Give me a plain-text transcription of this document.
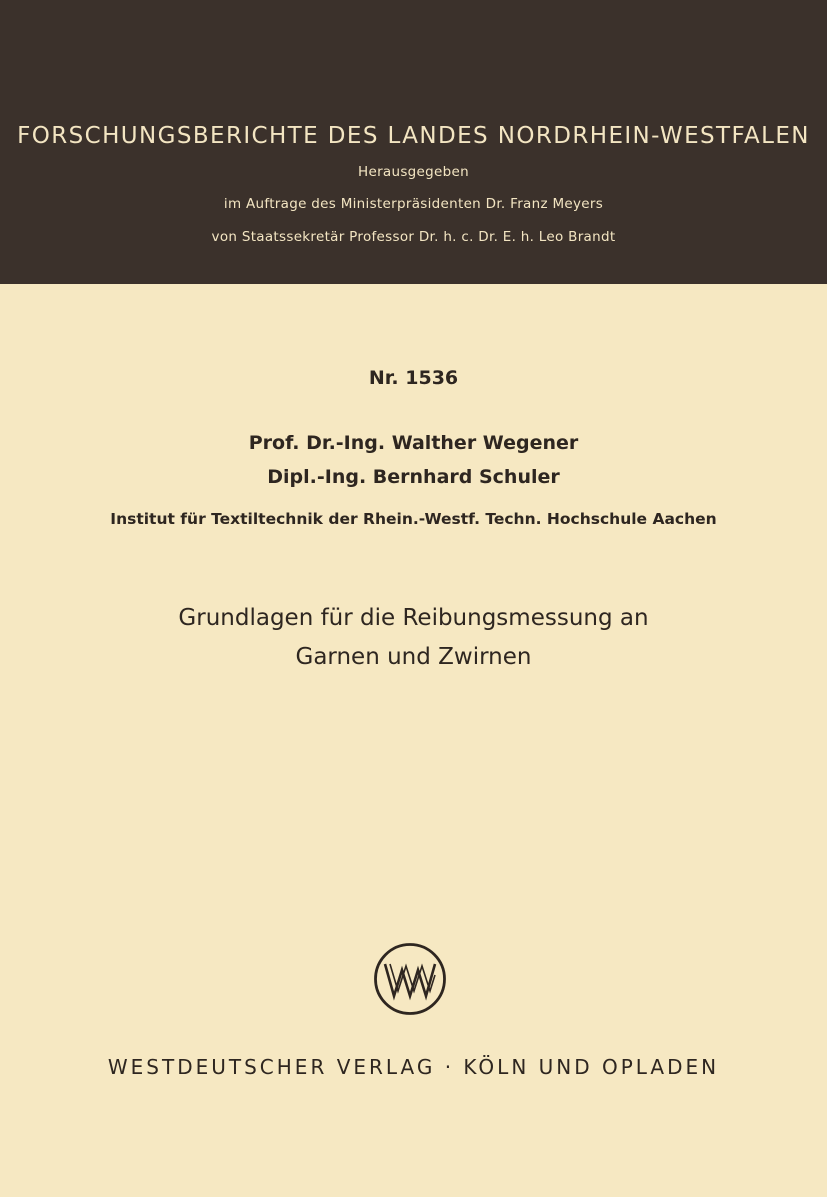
FORSCHUNGSBERICHTE DES LANDES NORDRHEIN-WESTFALEN
Herausgegeben
im Auftrage des Ministerpräsidenten Dr. Franz Meyers
von Staatssekretär Professor Dr. h. c. Dr. E. h. Leo Brandt
Nr. 1536
Prof. Dr.-Ing. Walther Wegener
Dipl.-Ing. Bernhard Schuler
Institut für Textiltechnik der Rhein.-Westf. Techn. Hochschule Aachen
Grundlagen für die Reibungsmessung an
Garnen und Zwirnen
WESTDEUTSCHER VERLAG · KÖLN UND OPLADEN
